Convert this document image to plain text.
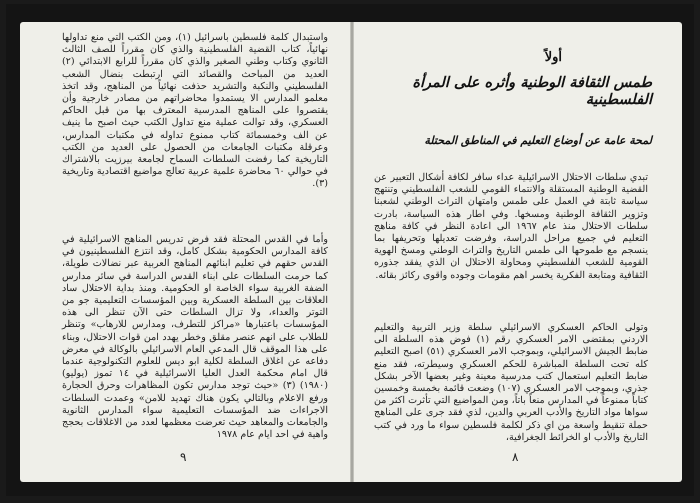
واستبدال كلمة فلسطين باسرائيل (١)، ومن الكتب التي منع تداولها نهائياً، كتاب القضية الفلسطينية والذي كان مقرراً للصف الثالث الثانوي وكتاب وطني الصغير والذي كان مقرراً للرابع الابتدائي (٢) العديد من المباحث والقصائد التي ارتبطت بنضال الشعب الفلسطيني والنكبة والتشريد حذفت نهائياً من المناهج، وقد اتخذ معلمو المدارس الا يستمدوا محاضراتهم من مصادر خارجية وأن يقتصروا على المناهج المدرسية المعترف بها من قبل الحاكم العسكري، وقد توالت عملية منع تداول الكتب حيث اصبح ما ينيف عن الف وخمسمائة كتاب ممنوع تداوله في مكتبات المدارس، وعرقلة مكتبات الجامعات من الحصول على العديد من الكتب التاريخية كما رفضت السلطات السماح لجامعة بيرزيت بالاشتراك في حوالي ٦٠ محاضرة علمية عربية تعالج مواضيع اقتصادية وتاريخية (٣).

وأما في القدس المحتلة فقد فرض تدريس المناهج الاسرائيلية في كافة المدارس الحكومية بشكل كامل، وقد انتزع الفلسطينيون في القدس حقهم في تعليم ابنائهم المناهج العربية عبر نضالات طويلة، كما حرمت السلطات على ابناء القدس الدراسة في سائر مدارس الضفة الغربية سواء الخاصة او الحكومية. ومنذ بداية الاحتلال ساد العلاقات بين السلطة العسكرية وبين المؤسسات التعليمية جو من التوتر والعداء، ولا تزال السلطات حتى الآن تنظر الى هذه المؤسسات باعتبارها «مراكز للتطرف، ومدارس للارهاب» وتنظر للطلاب على انهم عنصر مقلق وخطر يهدد امن قوات الاحتلال، وبناء على هذا الموقف قال المدعي العام الاسرائيلي بالوكالة في معرض دفاعه عن اغلاق السلطة لكلية ابو ديس للعلوم التكنولوجية عندما قال امام محكمة العدل العليا الاسرائيلية في ١٤ تموز (يوليو) (١٩٨٠) (٣) «حيث توجد مدارس تكون المظاهرات وحرق الحجارة ورفع الاعلام وبالتالي يكون هناك تهديد للامن» وعمدت السلطات الاجراءات ضد المؤسسات التعليمية سواء المدارس الثانوية والجامعات والمعاهد حيث تعرضت معظمها لعدد من الاغلاقات بحجج واهية في احد ايام عام ١٩٧٨

٩
أولاً
طمس الثقافة الوطنية وأثره على المرأة الفلسطينية
لمحة عامة عن أوضاع التعليم في المناطق المحتلة

تبدي سلطات الاحتلال الاسرائيلية عداء سافر لكافة أشكال التعبير عن القضية الوطنية المستقلة والانتماء القومي للشعب الفلسطيني وتنتهج سياسة ثابتة في العمل على طمس وامتهان التراث الوطني لشعبنا وتزوير الثقافة الوطنية ومسخها. وفي اطار هذه السياسة، بادرت سلطات الاحتلال منذ عام ١٩٦٧ الى اعادة النظر في كافة مناهج التعليم في جميع مراحل الدراسة، وفرضت تعديلها وتحريفها بما ينسجم مع طموحها الى طمس التاريخ والتراث الوطني ومسخ الهوية القومية للشعب الفلسطيني ومحاولة الاحتلال ان الذي يفقد جذوره الثقافية ومتابعة الفكرية يخسر اهم مقومات وجوده واقوى ركائز بقائه.

وتولى الحاكم العسكري الاسرائيلي سلطة وزير التربية والتعليم الاردني بمقتضى الامر العسكري رقم (١) فوض هذه السلطة الى ضابط الجيش الاسرائيلي، وبموجب الامر العسكري (٥١) اصبح التعليم كله تحت السلطة المباشرة للحكم العسكري وسيطرته، فقد منع ضابط التعليم استعمال كتب مدرسية معينة وغير بعضها الآخر بشكل جذري، وبموجب الامر العسكري (١٠٧) وضعت قائمة بخمسة وخمسين كتاباً ممنوعاً في المدارس منعاً باتاً، ومن المواضيع التي تأثرت اكثر من سواها مواد التاريخ والأدب العربي والدين، لذي فقد جرى على المناهج حملة تنقيط واسعة من اي ذكر لكلمة فلسطين سواء ما ورد في كتب التاريخ والأدب او الخرائط الجغرافية،

٨
